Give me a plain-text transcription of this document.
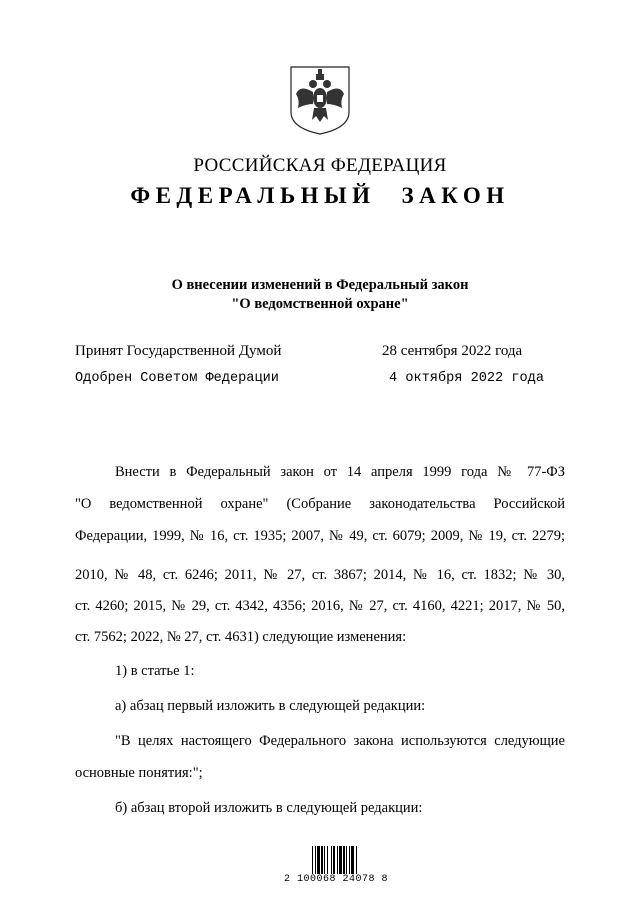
РОССИЙСКАЯ ФЕДЕРАЦИЯ
ФЕДЕРАЛЬНЫЙ ЗАКОН
О внесении изменений в Федеральный закон
"О ведомственной охране"
Принят Государственной Думой	28 сентября 2022 года
Одобрен Советом Федерации	4 октября 2022 года
Внести в Федеральный закон от 14 апреля 1999 года № 77-ФЗ
"О ведомственной охране" (Собрание законодательства Российской
Федерации, 1999, № 16, ст. 1935; 2007, № 49, ст. 6079; 2009, № 19, ст. 2279;
2010, № 48, ст. 6246; 2011, № 27, ст. 3867; 2014, № 16, ст. 1832; № 30,
ст. 4260; 2015, № 29, ст. 4342, 4356; 2016, № 27, ст. 4160, 4221; 2017, № 50,
ст. 7562; 2022, № 27, ст. 4631) следующие изменения:
1) в статье 1:
а) абзац первый изложить в следующей редакции:
"В целях настоящего Федерального закона используются следующие
основные понятия:";
б) абзац второй изложить в следующей редакции:
2 100068 24078 8
